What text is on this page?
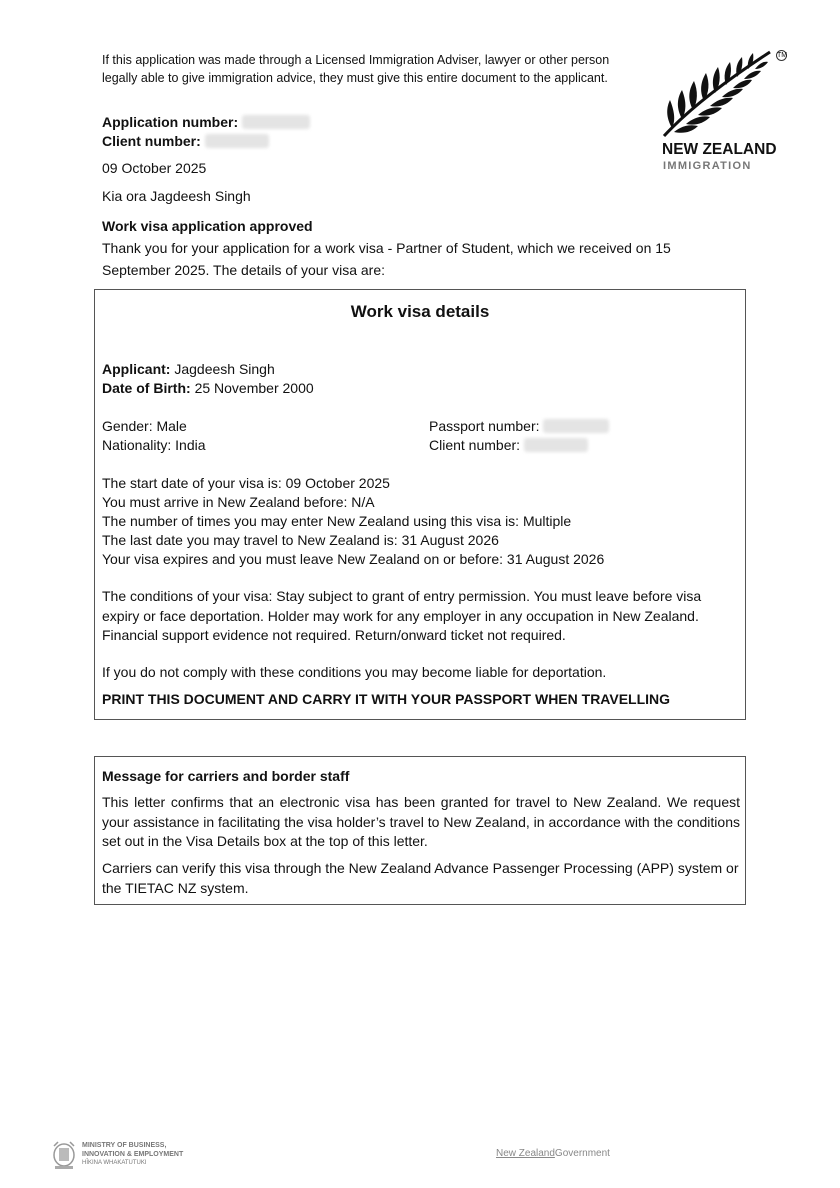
If this application was made through a Licensed Immigration Adviser, lawyer or other person legally able to give immigration advice, they must give this entire document to the applicant.
TM
NEW ZEALAND
IMMIGRATION
Application number:
Client number:
09 October 2025
Kia ora Jagdeesh Singh
Work visa application approved
Thank you for your application for a work visa - Partner of Student, which we received on 15 September 2025. The details of your visa are:
Work visa details
Applicant: Jagdeesh Singh
Date of Birth: 25 November 2000
Gender: Male
Nationality: India
Passport number:
Client number:
The start date of your visa is: 09 October 2025
You must arrive in New Zealand before: N/A
The number of times you may enter New Zealand using this visa is: Multiple
The last date you may travel to New Zealand is: 31 August 2026
Your visa expires and you must leave New Zealand on or before: 31 August 2026
The conditions of your visa: Stay subject to grant of entry permission. You must leave before visa expiry or face deportation. Holder may work for any employer in any occupation in New Zealand. Financial support evidence not required. Return/onward ticket not required.
If you do not comply with these conditions you may become liable for deportation.
PRINT THIS DOCUMENT AND CARRY IT WITH YOUR PASSPORT WHEN TRAVELLING
Message for carriers and border staff
This letter confirms that an electronic visa has been granted for travel to New Zealand. We request your assistance in facilitating the visa holder’s travel to New Zealand, in accordance with the conditions set out in the Visa Details box at the top of this letter.
Carriers can verify this visa through the New Zealand Advance Passenger Processing (APP) system or the TIETAC NZ system.
MINISTRY OF BUSINESS,
INNOVATION & EMPLOYMENT
HĪKINA WHAKATUTUKI
New ZealandGovernment
